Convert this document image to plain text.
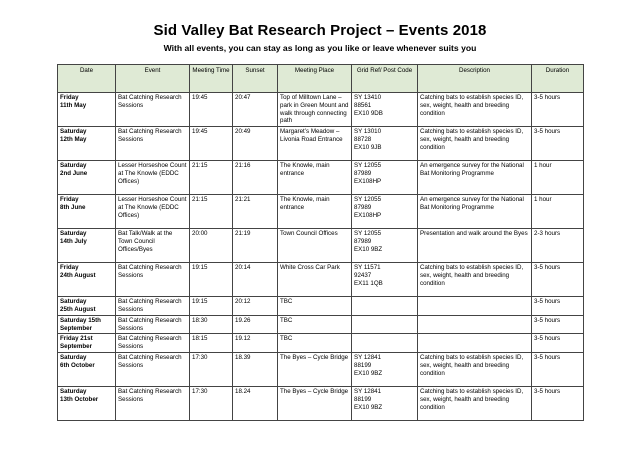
Sid Valley Bat Research Project – Events 2018
With all events, you can stay as long as you like or leave whenever suits you
Date	Event	Meeting Time	Sunset	Meeting Place	Grid Ref/ Post Code	Description	Duration

Friday
11th May	Bat Catching Research Sessions	19:45	20:47	Top of Milltown Lane – park in Green Mount and walk through connecting path	SY 13410
88561
EX10 9DB	Catching bats to establish species ID, sex, weight, health and breeding condition	3-5 hours

Saturday
12th May	Bat Catching Research Sessions	19:45	20:49	Margaret’s Meadow – Livonia Road Entrance	SY 13010
88728
EX10 9JB	Catching bats to establish species ID, sex, weight, health and breeding condition	3-5 hours

Saturday
2nd June	Lesser Horseshoe Count at The Knowle (EDDC Offices)	21:15	21:16	The Knowle, main entrance	SY 12055
87989
EX108HP	An emergence survey for the National Bat Monitoring Programme	1 hour

Friday
8th June	Lesser Horseshoe Count at The Knowle (EDDC Offices)	21:15	21:21	The Knowle, main entrance	SY 12055
87989
EX108HP	An emergence survey for the National Bat Monitoring Programme	1 hour

Saturday
14th July	Bat Talk/Walk at the Town Council Offices/Byes	20:00	21:19	Town Council Offices	SY 12055
87989
EX10 9BZ	Presentation and walk around the Byes	2-3 hours

Friday
24th August	Bat Catching Research Sessions	19:15	20:14	White Cross Car Park	SY 11571
92437
EX11 1QB	Catching bats to establish species ID, sex, weight, health and breeding condition	3-5 hours

Saturday
25th August	Bat Catching Research Sessions	19:15	20:12	TBC			3-5 hours

Saturday 15th
September	Bat Catching Research Sessions	18:30	19.26	TBC			3-5 hours

Friday 21st
September	Bat Catching Research Sessions	18:15	19.12	TBC			3-5 hours

Saturday
6th October	Bat Catching Research Sessions	17:30	18.39	The Byes – Cycle Bridge	SY 12841
88199
EX10 9BZ	Catching bats to establish species ID, sex, weight, health and breeding condition	3-5 hours

Saturday
13th October	Bat Catching Research Sessions	17:30	18.24	The Byes – Cycle Bridge	SY 12841
88199
EX10 9BZ	Catching bats to establish species ID, sex, weight, health and breeding condition	3-5 hours
